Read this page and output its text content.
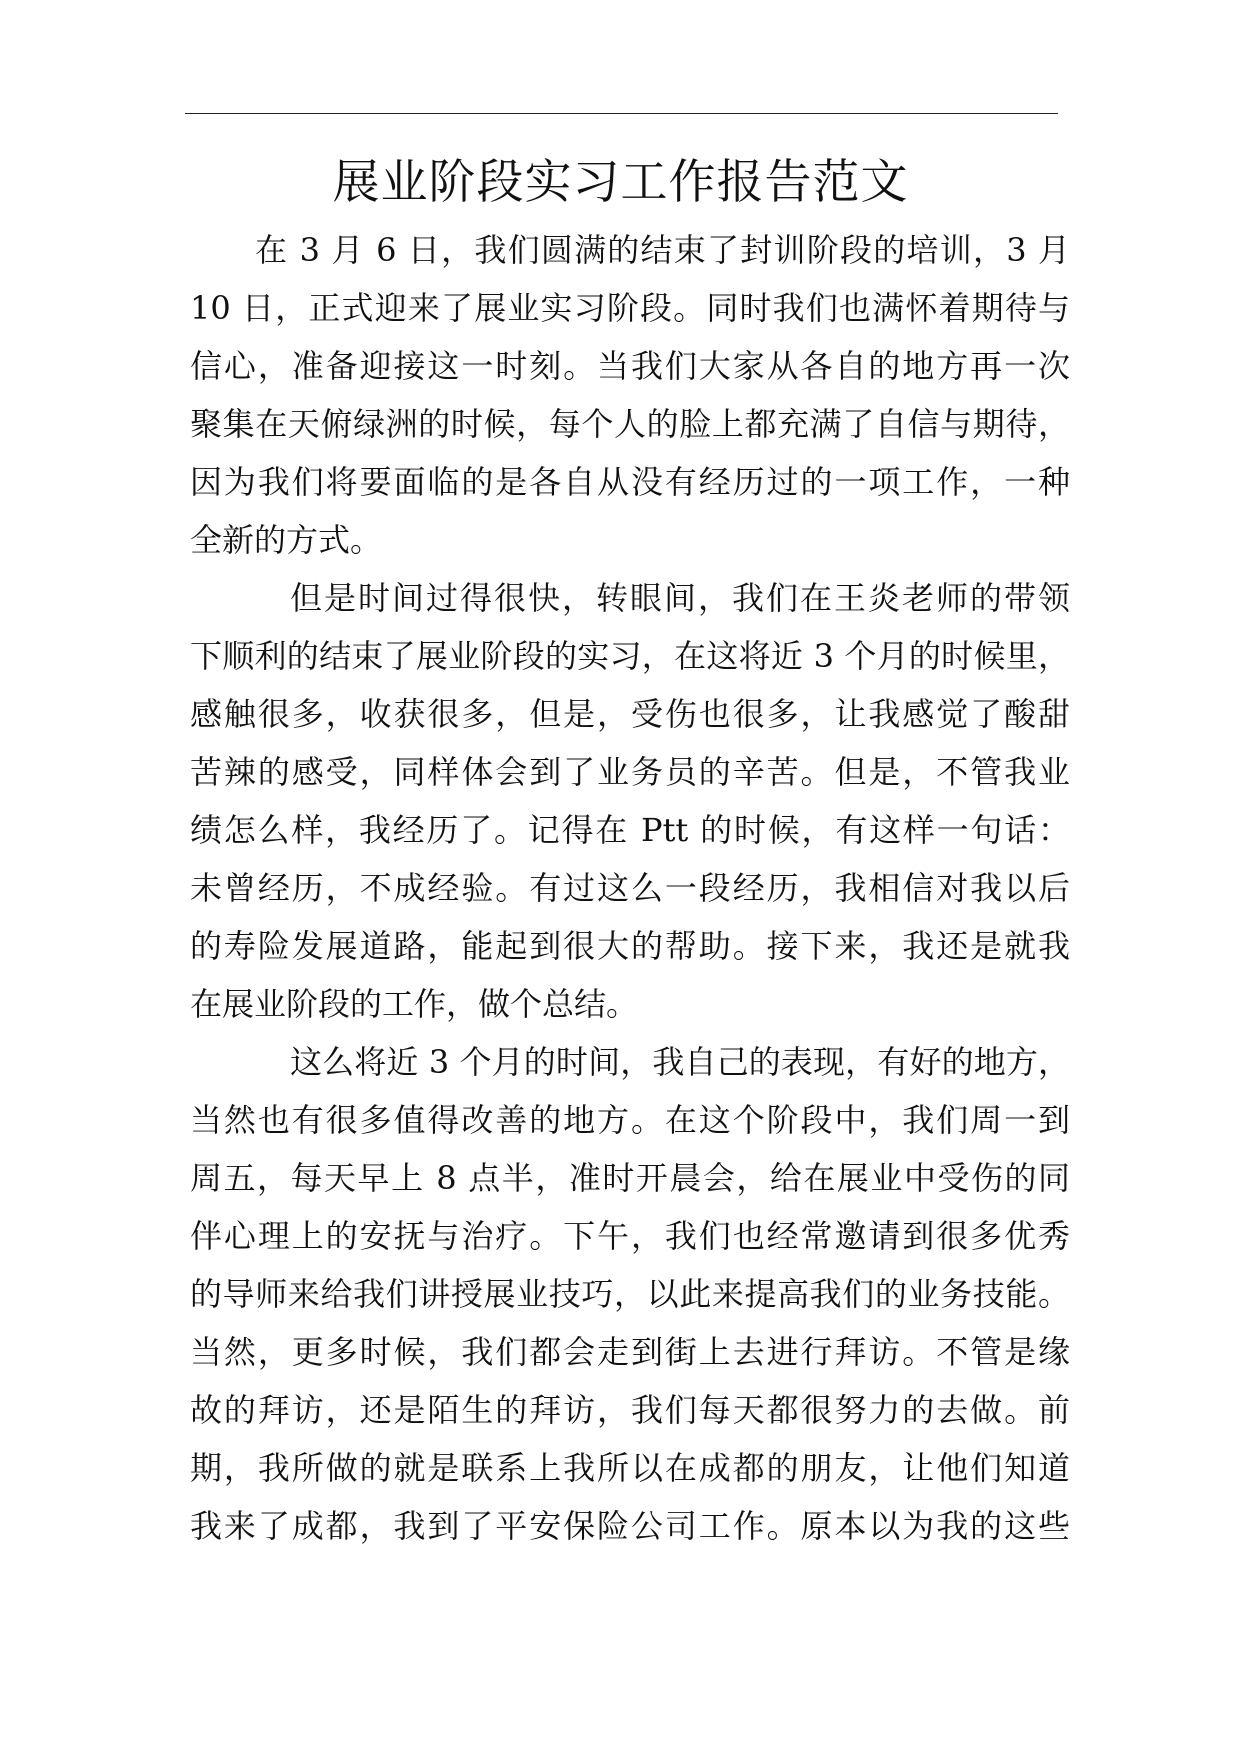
展业阶段实习工作报告范文
在 3 月 6 日，我们圆满的结束了封训阶段的培训，3 月
10 日，正式迎来了展业实习阶段。同时我们也满怀着期待与
信心，准备迎接这一时刻。当我们大家从各自的地方再一次
聚集在天俯绿洲的时候，每个人的脸上都充满了自信与期待，
因为我们将要面临的是各自从没有经历过的一项工作，一种
全新的方式。
但是时间过得很快，转眼间，我们在王炎老师的带领
下顺利的结束了展业阶段的实习，在这将近 3 个月的时候里，
感触很多，收获很多，但是，受伤也很多，让我感觉了酸甜
苦辣的感受，同样体会到了业务员的辛苦。但是，不管我业
绩怎么样，我经历了。记得在 Ptt 的时候，有这样一句话：
未曾经历，不成经验。有过这么一段经历，我相信对我以后
的寿险发展道路，能起到很大的帮助。接下来，我还是就我
在展业阶段的工作，做个总结。
这么将近 3 个月的时间，我自己的表现，有好的地方，
当然也有很多值得改善的地方。在这个阶段中，我们周一到
周五，每天早上 8 点半，准时开晨会，给在展业中受伤的同
伴心理上的安抚与治疗。下午，我们也经常邀请到很多优秀
的导师来给我们讲授展业技巧，以此来提高我们的业务技能。
当然，更多时候，我们都会走到街上去进行拜访。不管是缘
故的拜访，还是陌生的拜访，我们每天都很努力的去做。前
期，我所做的就是联系上我所以在成都的朋友，让他们知道
我来了成都，我到了平安保险公司工作。原本以为我的这些
